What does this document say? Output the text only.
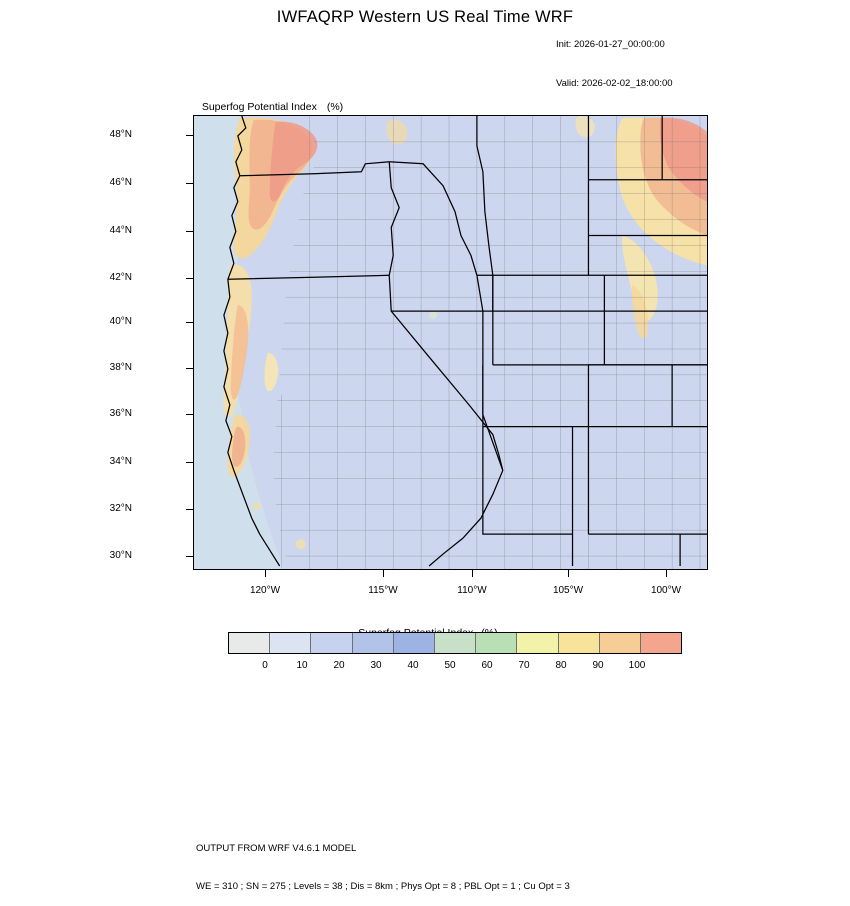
IWFAQRP Western US Real Time WRF

Init: 2026-01-27_00:00:00

Valid: 2026-02-02_18:00:00

Superfog Potential Index (%)

48°N
46°N
44°N
42°N
40°N
38°N
36°N
34°N
32°N
30°N
120°W	115°W	110°W	105°W	100°W

0	10	20	30	40	50	60	70	80	90	100

OUTPUT FROM WRF V4.6.1 MODEL

WE = 310 ; SN = 275 ; Levels = 38 ; Dis = 8km ; Phys Opt = 8 ; PBL Opt = 1 ; Cu Opt = 3
